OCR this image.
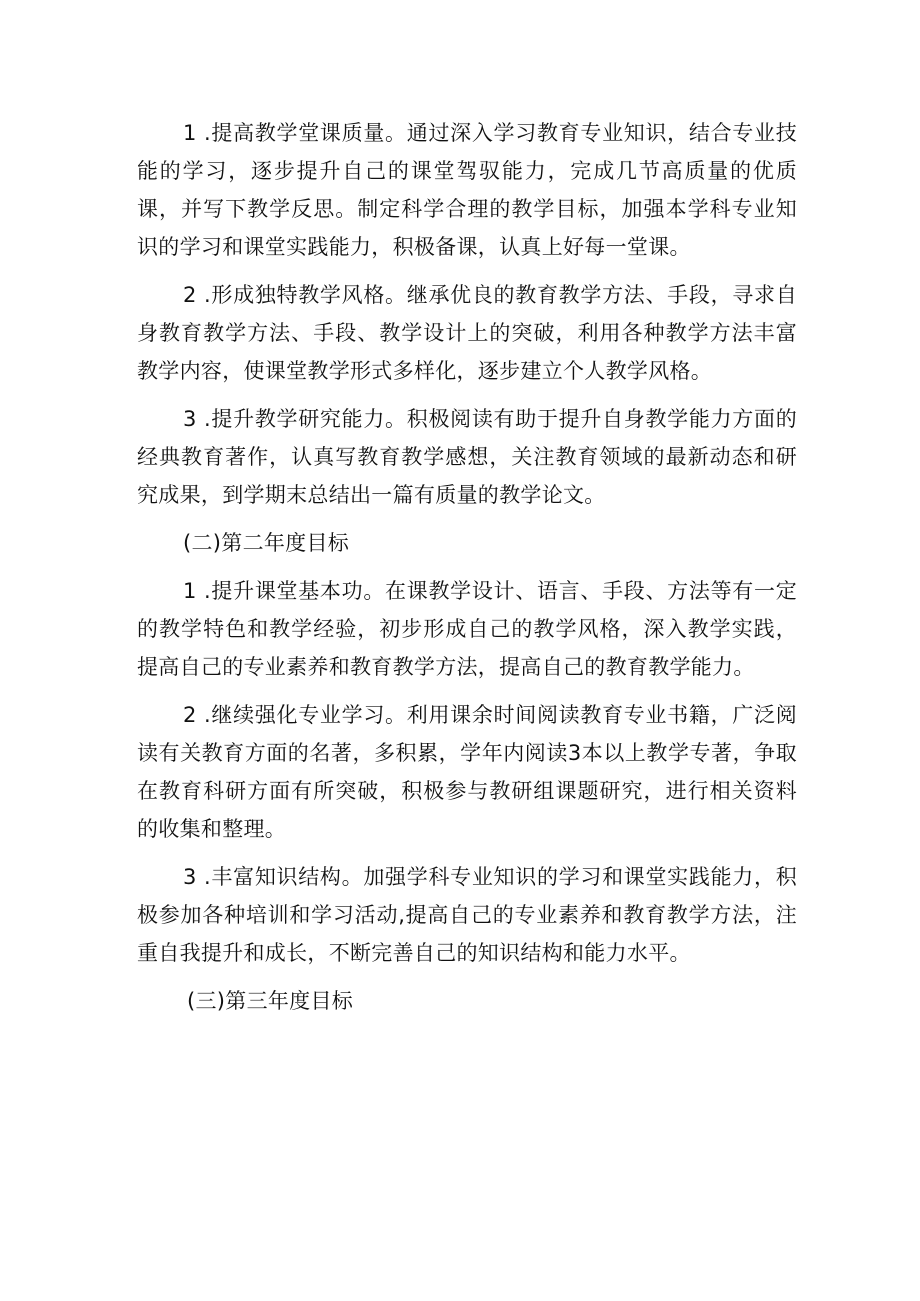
1 .提高教学堂课质量。通过深入学习教育专业知识，结合专业技能的学习，逐步提升自己的课堂驾驭能力，完成几节高质量的优质课，并写下教学反思。制定科学合理的教学目标，加强本学科专业知识的学习和课堂实践能力，积极备课，认真上好每一堂课。

2 .形成独特教学风格。继承优良的教育教学方法、手段，寻求自身教育教学方法、手段、教学设计上的突破，利用各种教学方法丰富教学内容，使课堂教学形式多样化，逐步建立个人教学风格。

3 .提升教学研究能力。积极阅读有助于提升自身教学能力方面的经典教育著作，认真写教育教学感想，关注教育领域的最新动态和研究成果，到学期末总结出一篇有质量的教学论文。

(二)第二年度目标

1 .提升课堂基本功。在课教学设计、语言、手段、方法等有一定的教学特色和教学经验，初步形成自己的教学风格，深入教学实践，提高自己的专业素养和教育教学方法，提高自己的教育教学能力。

2 .继续强化专业学习。利用课余时间阅读教育专业书籍，广泛阅读有关教育方面的名著，多积累，学年内阅读3本以上教学专著，争取在教育科研方面有所突破，积极参与教研组课题研究，进行相关资料的收集和整理。

3 .丰富知识结构。加强学科专业知识的学习和课堂实践能力，积极参加各种培训和学习活动,提高自己的专业素养和教育教学方法，注重自我提升和成长，不断完善自己的知识结构和能力水平。

(三)第三年度目标
